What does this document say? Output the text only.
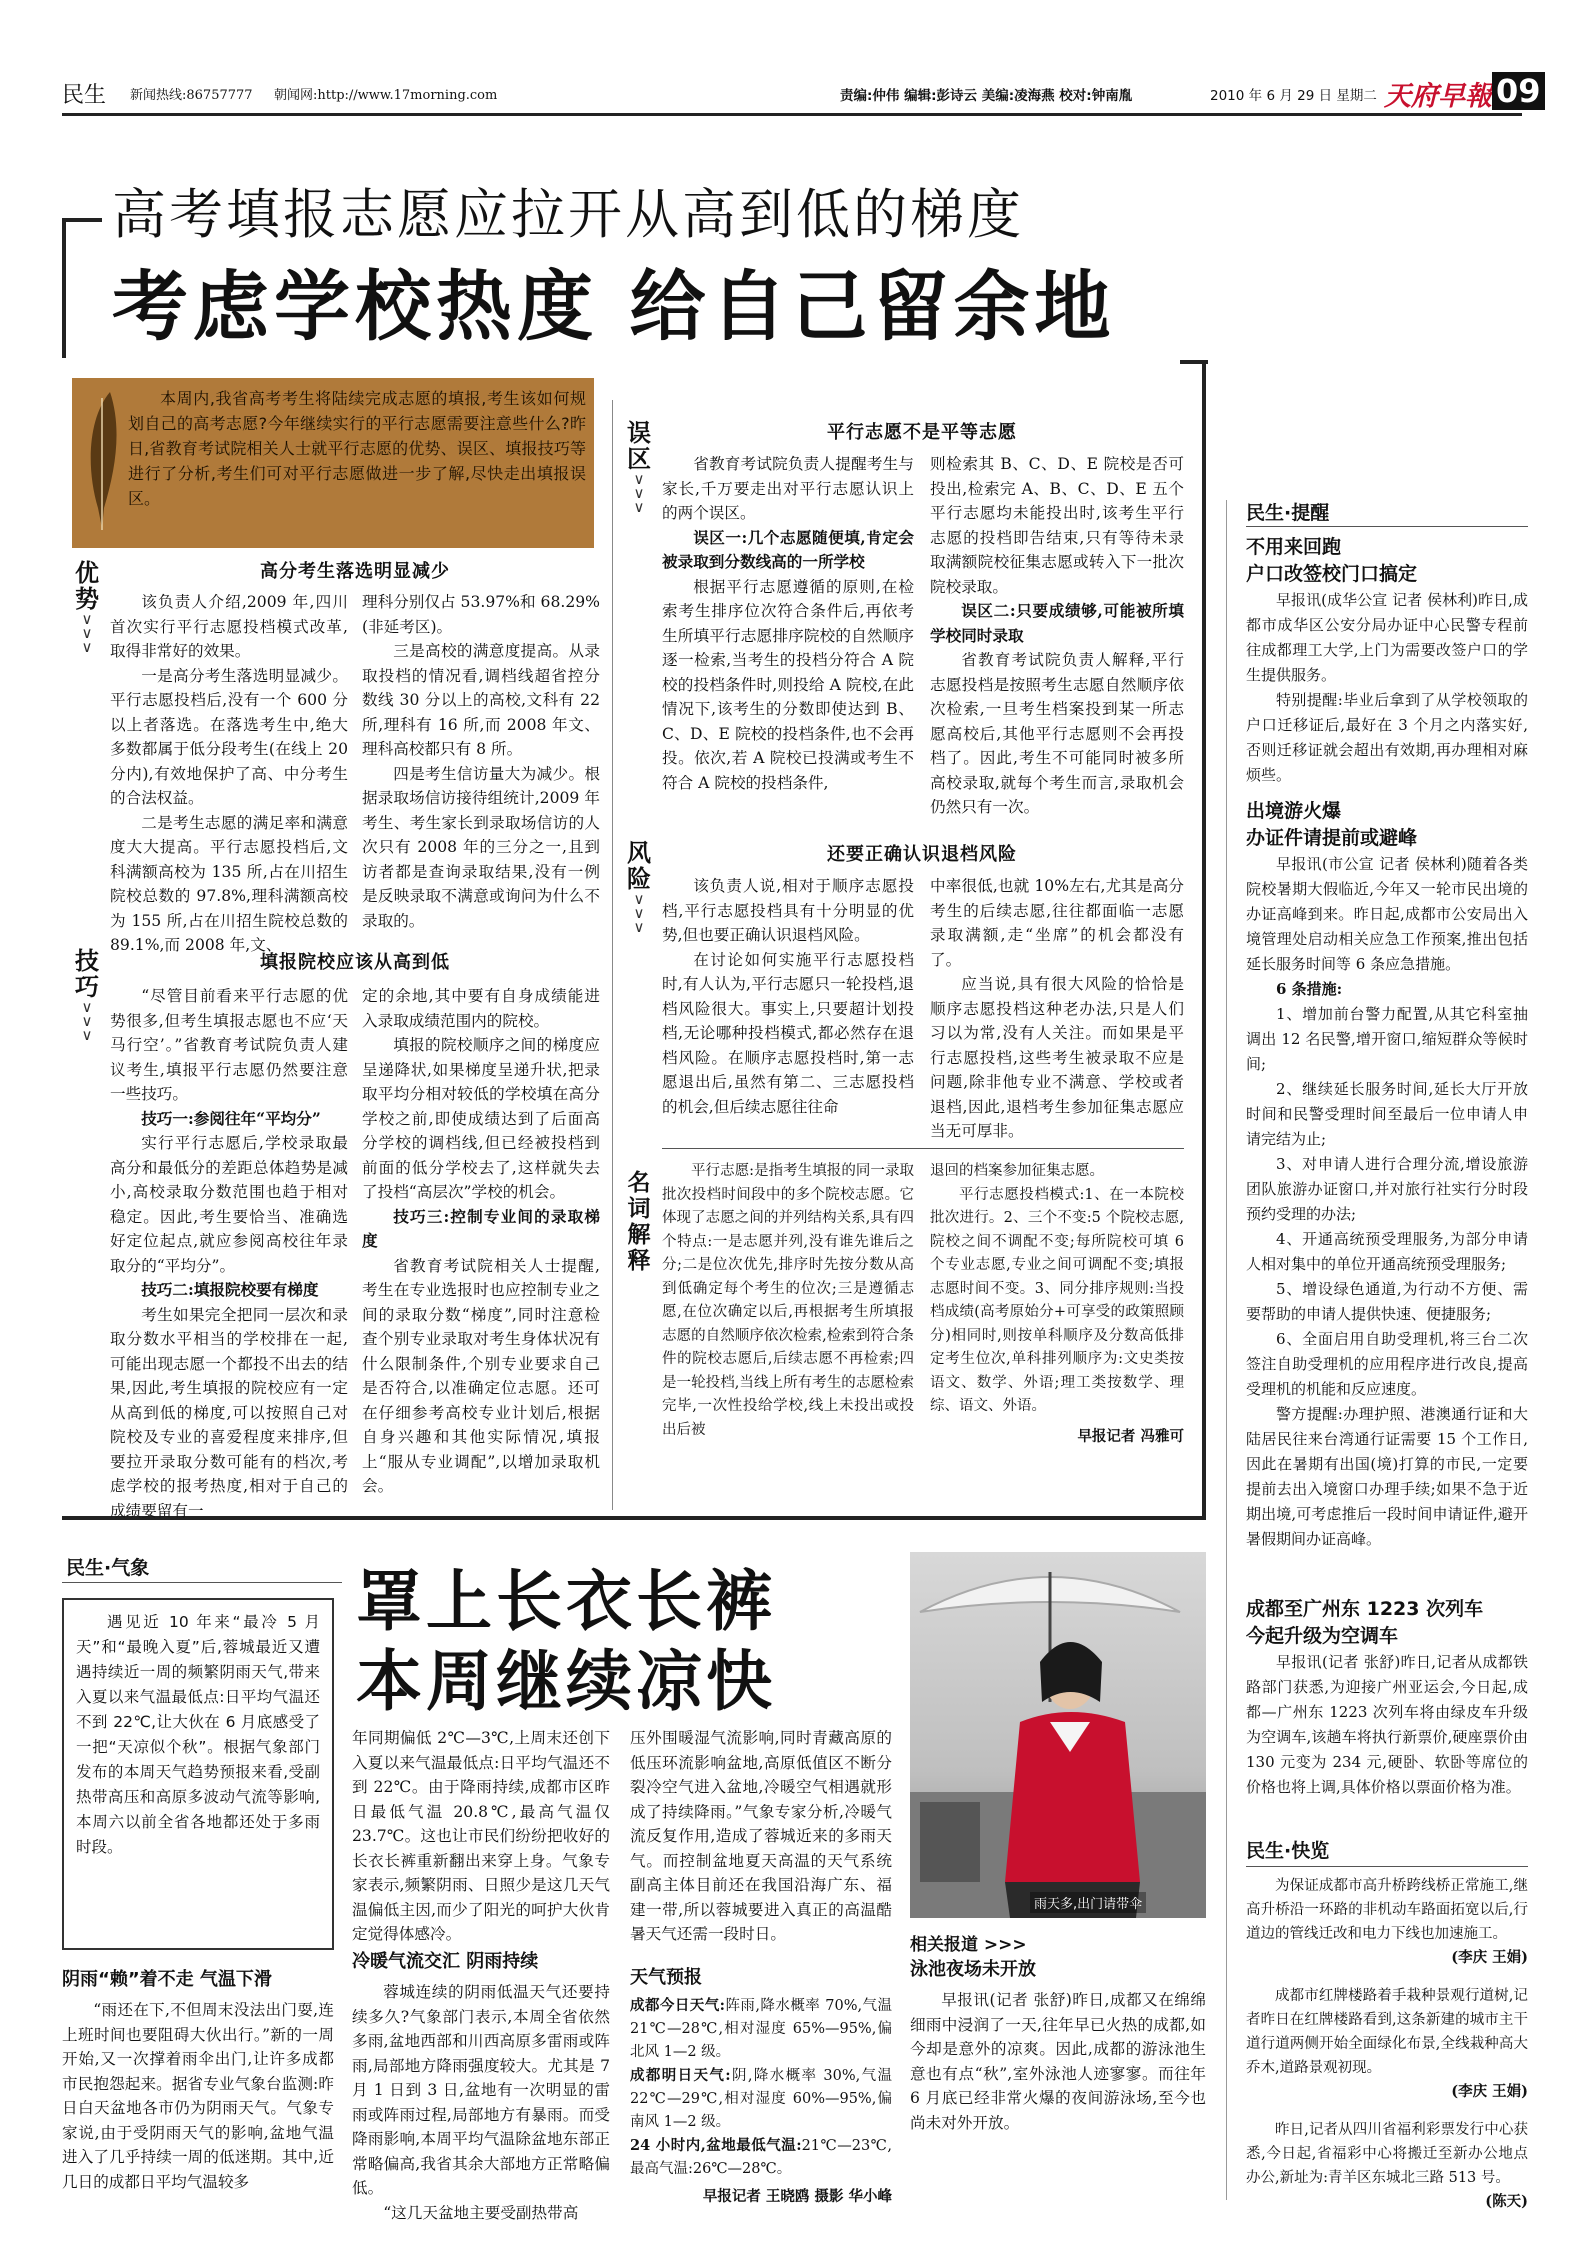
民生 新闻热线:86757777 朝闻网:http://www.17morning.com	责编:仲伟 编辑:彭诗云 美编:凌海燕 校对:钟南胤	2010 年 6 月 29 日 星期二 天府早報 09
高考填报志愿应拉开从高到低的梯度
考虑学校热度 给自己留余地

本周内,我省高考考生将陆续完成志愿的填报,考生该如何规划自己的高考志愿?今年继续实行的平行志愿需要注意些什么?昨日,省教育考试院相关人士就平行志愿的优势、误区、填报技巧等进行了分析,考生们可对平行志愿做进一步了解,尽快走出填报误区。

优势
∨
∨
∨
技巧
∨
∨
∨
误区
∨
∨
∨
风险
∨
∨
∨
名词解释
高分考生落选明显减少

该负责人介绍,2009 年,四川首次实行平行志愿投档模式改革,取得非常好的效果。

一是高分考生落选明显减少。平行志愿投档后,没有一个 600 分以上者落选。在落选考生中,绝大多数都属于低分段考生(在线上 20 分内),有效地保护了高、中分考生的合法权益。

二是考生志愿的满足率和满意度大大提高。平行志愿投档后,文科满额高校为 135 所,占在川招生院校总数的 97.8%,理科满额高校为 155 所,占在川招生院校总数的 89.1%,而 2008 年,文、

理科分别仅占 53.97%和 68.29%(非延考区)。

三是高校的满意度提高。从录取投档的情况看,调档线超省控分数线 30 分以上的高校,文科有 22 所,理科有 16 所,而 2008 年文、理科高校都只有 8 所。

四是考生信访量大为减少。根据录取场信访接待组统计,2009 年考生、考生家长到录取场信访的人次只有 2008 年的三分之一,且到访者都是查询录取结果,没有一例是反映录取不满意或询问为什么不录取的。

填报院校应该从高到低

“尽管目前看来平行志愿的优势很多,但考生填报志愿也不应‘天马行空’。”省教育考试院负责人建议考生,填报平行志愿仍然要注意一些技巧。

技巧一:参阅往年“平均分”

实行平行志愿后,学校录取最高分和最低分的差距总体趋势是减小,高校录取分数范围也趋于相对稳定。因此,考生要恰当、准确选好定位起点,就应参阅高校往年录取分的“平均分”。

技巧二:填报院校要有梯度

考生如果完全把同一层次和录取分数水平相当的学校排在一起,可能出现志愿一个都投不出去的结果,因此,考生填报的院校应有一定从高到低的梯度,可以按照自己对院校及专业的喜爱程度来排序,但要拉开录取分数可能有的档次,考虑学校的报考热度,相对于自己的成绩要留有一

定的余地,其中要有自身成绩能进入录取成绩范围内的院校。

填报的院校顺序之间的梯度应呈递降状,如果梯度呈递升状,把录取平均分相对较低的学校填在高分学校之前,即使成绩达到了后面高分学校的调档线,但已经被投档到前面的低分学校去了,这样就失去了投档“高层次”学校的机会。

技巧三:控制专业间的录取梯度

省教育考试院相关人士提醒,考生在专业选报时也应控制专业之间的录取分数“梯度”,同时注意检查个别专业录取对考生身体状况有什么限制条件,个别专业要求自己是否符合,以准确定位志愿。还可在仔细参考高校专业计划后,根据自身兴趣和其他实际情况,填报上“服从专业调配”,以增加录取机会。

平行志愿不是平等志愿

省教育考试院负责人提醒考生与家长,千万要走出对平行志愿认识上的两个误区。

误区一:几个志愿随便填,肯定会被录取到分数线高的一所学校

根据平行志愿遵循的原则,在检索考生排序位次符合条件后,再依考生所填平行志愿排序院校的自然顺序逐一检索,当考生的投档分符合 A 院校的投档条件时,则投给 A 院校,在此情况下,该考生的分数即使达到 B、C、D、E 院校的投档条件,也不会再投。依次,若 A 院校已投满或考生不符合 A 院校的投档条件,

则检索其 B、C、D、E 院校是否可投出,检索完 A、B、C、D、E 五个平行志愿均未能投出时,该考生平行志愿的投档即告结束,只有等待未录取满额院校征集志愿或转入下一批次院校录取。

误区二:只要成绩够,可能被所填学校同时录取

省教育考试院负责人解释,平行志愿投档是按照考生志愿自然顺序依次检索,一旦考生档案投到某一所志愿高校后,其他平行志愿则不会再投档了。因此,考生不可能同时被多所高校录取,就每个考生而言,录取机会仍然只有一次。

还要正确认识退档风险

该负责人说,相对于顺序志愿投档,平行志愿投档具有十分明显的优势,但也要正确认识退档风险。

在讨论如何实施平行志愿投档时,有人认为,平行志愿只一轮投档,退档风险很大。事实上,只要超计划投档,无论哪种投档模式,都必然存在退档风险。在顺序志愿投档时,第一志愿退出后,虽然有第二、三志愿投档的机会,但后续志愿往往命

中率很低,也就 10%左右,尤其是高分考生的后续志愿,往往都面临一志愿录取满额,走“坐席”的机会都没有了。

应当说,具有很大风险的恰恰是顺序志愿投档这种老办法,只是人们习以为常,没有人关注。而如果是平行志愿投档,这些考生被录取不应是问题,除非他专业不满意、学校或者退档,因此,退档考生参加征集志愿应当无可厚非。

平行志愿:是指考生填报的同一录取批次投档时间段中的多个院校志愿。它体现了志愿之间的并列结构关系,具有四个特点:一是志愿并列,没有谁先谁后之分;二是位次优先,排序时先按分数从高到低确定每个考生的位次;三是遵循志愿,在位次确定以后,再根据考生所填报志愿的自然顺序依次检索,检索到符合条件的院校志愿后,后续志愿不再检索;四是一轮投档,当线上所有考生的志愿检索完毕,一次性投给学校,线上未投出或投出后被

退回的档案参加征集志愿。

平行志愿投档模式:1、在一本院校批次进行。2、三个不变:5 个院校志愿,院校之间不调配不变;每所院校可填 6 个专业志愿,专业之间可调配不变;填报志愿时间不变。3、同分排序规则:当投档成绩(高考原始分+可享受的政策照顾分)相同时,则按单科顺序及分数高低排定考生位次,单科排列顺序为:文史类按语文、数学、外语;理工类按数学、理综、语文、外语。

早报记者 冯雅可

民生·提醒
不用来回跑
户口改签校门口搞定

早报讯(成华公宣 记者 侯林利)昨日,成都市成华区公安分局办证中心民警专程前往成都理工大学,上门为需要改签户口的学生提供服务。

特别提醒:毕业后拿到了从学校领取的户口迁移证后,最好在 3 个月之内落实好,否则迁移证就会超出有效期,再办理相对麻烦些。

出境游火爆
办证件请提前或避峰

早报讯(市公宣 记者 侯林利)随着各类院校暑期大假临近,今年又一轮市民出境的办证高峰到来。昨日起,成都市公安局出入境管理处启动相关应急工作预案,推出包括延长服务时间等 6 条应急措施。

6 条措施:

1、增加前台警力配置,从其它科室抽调出 12 名民警,增开窗口,缩短群众等候时间;

2、继续延长服务时间,延长大厅开放时间和民警受理时间至最后一位申请人申请完结为止;

3、对申请人进行合理分流,增设旅游团队旅游办证窗口,并对旅行社实行分时段预约受理的办法;

4、开通高统预受理服务,为部分申请人相对集中的单位开通高统预受理服务;

5、增设绿色通道,为行动不方便、需要帮助的申请人提供快速、便捷服务;

6、全面启用自助受理机,将三台二次签注自助受理机的应用程序进行改良,提高受理机的机能和反应速度。

警方提醒:办理护照、港澳通行证和大陆居民往来台湾通行证需要 15 个工作日,因此在暑期有出国(境)打算的市民,一定要提前去出入境窗口办理手续;如果不急于近期出境,可考虑推后一段时间申请证件,避开暑假期间办证高峰。

成都至广州东 1223 次列车
今起升级为空调车

早报讯(记者 张舒)昨日,记者从成都铁路部门获悉,为迎接广州亚运会,今日起,成都—广州东 1223 次列车将由绿皮车升级为空调车,该趟车将执行新票价,硬座票价由 130 元变为 234 元,硬卧、软卧等席位的价格也将上调,具体价格以票面价格为准。

民生·快览

为保证成都市高升桥跨线桥正常施工,继高升桥沿一环路的非机动车路面拓宽以后,行道边的管线迁改和电力下线也加速施工。

(李庆 王娟)

成都市红牌楼路着手栽种景观行道树,记者昨日在红牌楼路看到,这条新建的城市主干道行道两侧开始全面绿化布景,全线栽种高大乔木,道路景观初现。

(李庆 王娟)

昨日,记者从四川省福利彩票发行中心获悉,今日起,省福彩中心将搬迁至新办公地点办公,新址为:青羊区东城北三路 513 号。

(陈天)
民生·气象	罩上长衣长裤
本周继续凉快

遇见近 10 年来“最冷 5 月天”和“最晚入夏”后,蓉城最近又遭遇持续近一周的频繁阴雨天气,带来入夏以来气温最低点:日平均气温还不到 22℃,让大伙在 6 月底感受了一把“天凉似个秋”。根据气象部门发布的本周天气趋势预报来看,受副热带高压和高原多波动气流等影响,本周六以前全省各地都还处于多雨时段。

阴雨“赖”着不走 气温下滑

“雨还在下,不但周末没法出门耍,连上班时间也要阻碍大伙出行。”新的一周开始,又一次撑着雨伞出门,让许多成都市民抱怨起来。据省专业气象台监测:昨日白天盆地各市仍为阴雨天气。气象专家说,由于受阴雨天气的影响,盆地气温进入了几乎持续一周的低迷期。其中,近几日的成都日平均气温较多

年同期偏低 2℃—3℃,上周末还创下入夏以来气温最低点:日平均气温还不到 22℃。由于降雨持续,成都市区昨日最低气温 20.8℃,最高气温仅 23.7℃。这也让市民们纷纷把收好的长衣长裤重新翻出来穿上身。气象专家表示,频繁阴雨、日照少是这几天气温偏低主因,而少了阳光的呵护大伙肯定觉得体感冷。

冷暖气流交汇 阴雨持续

蓉城连续的阴雨低温天气还要持续多久?气象部门表示,本周全省依然多雨,盆地西部和川西高原多雷雨或阵雨,局部地方降雨强度较大。尤其是 7 月 1 日到 3 日,盆地有一次明显的雷雨或阵雨过程,局部地方有暴雨。而受降雨影响,本周平均气温除盆地东部正常略偏高,我省其余大部地方正常略偏低。

“这几天盆地主要受副热带高

压外围暖湿气流影响,同时青藏高原的低压环流影响盆地,高原低值区不断分裂冷空气进入盆地,冷暖空气相遇就形成了持续降雨。”气象专家分析,冷暖气流反复作用,造成了蓉城近来的多雨天气。而控制盆地夏天高温的天气系统副高主体目前还在我国沿海广东、福建一带,所以蓉城要进入真正的高温酷暑天气还需一段时日。

天气预报

成都今日天气:阵雨,降水概率 70%,气温 21℃—28℃,相对湿度 65%—95%,偏北风 1—2 级。

成都明日天气:阴,降水概率 30%,气温 22℃—29℃,相对湿度 60%—95%,偏南风 1—2 级。

24 小时内,盆地最低气温:21℃—23℃,最高气温:26℃—28℃。

早报记者 王晓鸥 摄影 华小峰

雨天多,出门请带伞
相关报道 >>>
泳池夜场未开放

早报讯(记者 张舒)昨日,成都又在绵绵细雨中浸润了一天,往年早已火热的成都,如今却是意外的凉爽。因此,成都的游泳池生意也有点“秋”,室外泳池人迹寥寥。而往年 6 月底已经非常火爆的夜间游泳场,至今也尚未对外开放。
